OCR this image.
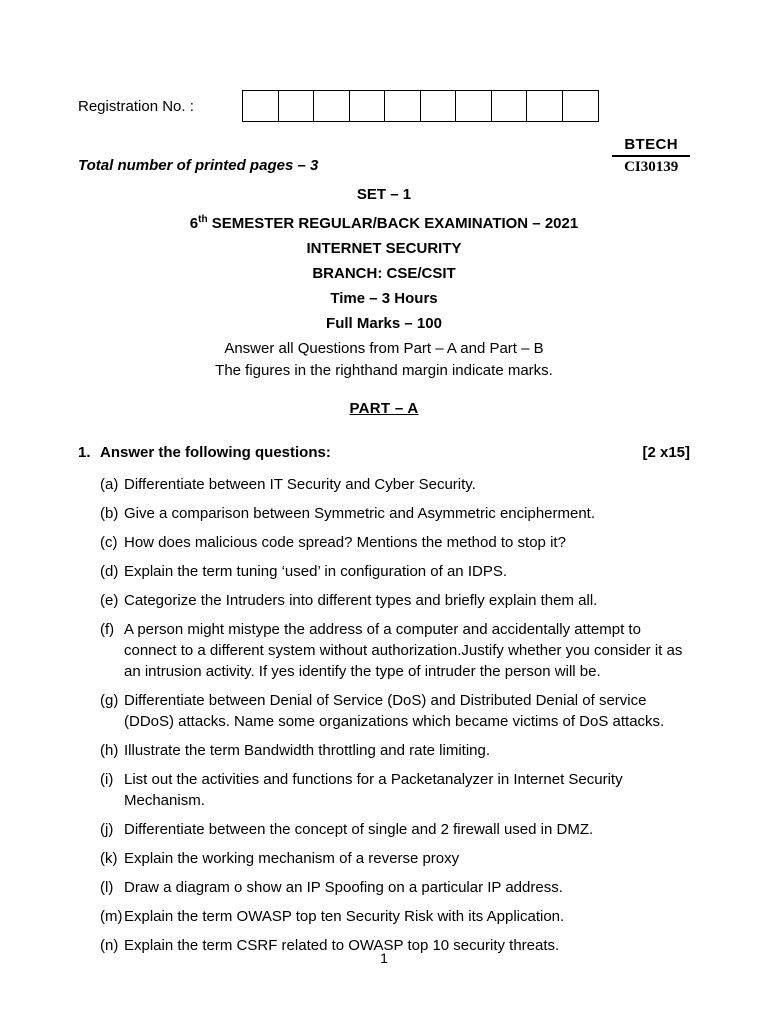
Registration No. :
Total number of printed pages – 3
BTECH
CI30139

SET – 1

6th SEMESTER REGULAR/BACK EXAMINATION – 2021

INTERNET SECURITY

BRANCH: CSE/CSIT

Time – 3 Hours

Full Marks – 100

Answer all Questions from Part – A and Part – B

The figures in the righthand margin indicate marks.

PART – A
1. Answer the following questions:	[2 x15]
(a) Differentiate between IT Security and Cyber Security.
(b) Give a comparison between Symmetric and Asymmetric encipherment.
(c) How does malicious code spread? Mentions the method to stop it?
(d) Explain the term tuning ‘used’ in configuration of an IDPS.
(e) Categorize the Intruders into different types and briefly explain them all.
(f) A person might mistype the address of a computer and accidentally attempt to connect to a different system without authorization.Justify whether you consider it as an intrusion activity. If yes identify the type of intruder the person will be.
(g) Differentiate between Denial of Service (DoS) and Distributed Denial of service (DDoS) attacks. Name some organizations which became victims of DoS attacks.
(h) Illustrate the term Bandwidth throttling and rate limiting.
(i) List out the activities and functions for a Packetanalyzer in Internet Security Mechanism.
(j) Differentiate between the concept of single and 2 firewall used in DMZ.
(k) Explain the working mechanism of a reverse proxy
(l) Draw a diagram o show an IP Spoofing on a particular IP address.
(m) Explain the term OWASP top ten Security Risk with its Application.
(n) Explain the term CSRF related to OWASP top 10 security threats.
1
